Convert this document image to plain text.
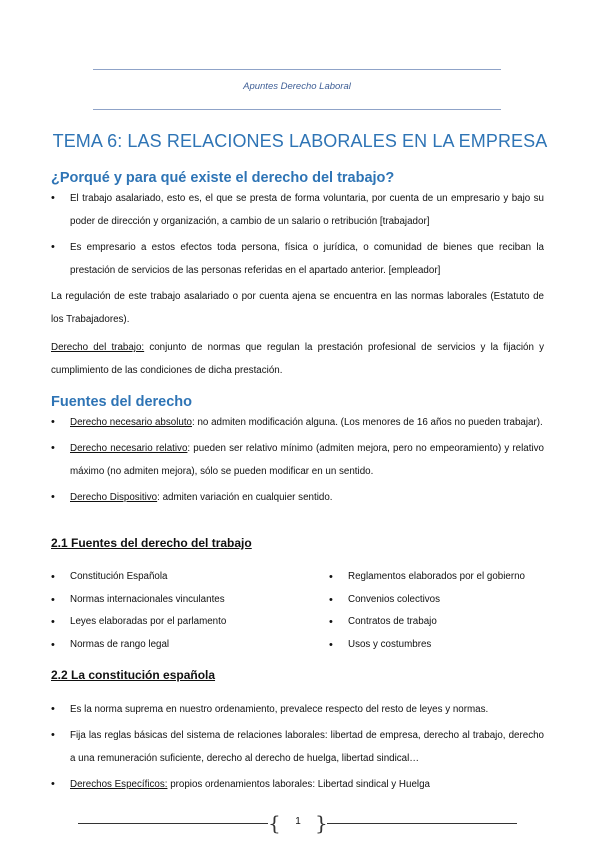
Apuntes Derecho Laboral
TEMA 6: LAS RELACIONES LABORALES EN LA EMPRESA
¿Porqué y para qué existe el derecho del trabajo?
• El trabajo asalariado, esto es, el que se presta de forma voluntaria, por cuenta de un empresario y bajo su poder de dirección y organización, a cambio de un salario o retribución [trabajador]
• Es empresario a estos efectos toda persona, física o jurídica, o comunidad de bienes que reciban la prestación de servicios de las personas referidas en el apartado anterior. [empleador]

La regulación de este trabajo asalariado o por cuenta ajena se encuentra en las normas laborales (Estatuto de los Trabajadores).

Derecho del trabajo: conjunto de normas que regulan la prestación profesional de servicios y la fijación y cumplimiento de las condiciones de dicha prestación.

Fuentes del derecho
• Derecho necesario absoluto: no admiten modificación alguna. (Los menores de 16 años no pueden trabajar).
• Derecho necesario relativo: pueden ser relativo mínimo (admiten mejora, pero no empeoramiento) y relativo máximo (no admiten mejora), sólo se pueden modificar en un sentido.
• Derecho Dispositivo: admiten variación en cualquier sentido.
2.1 Fuentes del derecho del trabajo
• Constitución Española
• Normas internacionales vinculantes
• Leyes elaboradas por el parlamento
• Normas de rango legal
• Reglamentos elaborados por el gobierno
• Convenios colectivos
• Contratos de trabajo
• Usos y costumbres
2.2 La constitución española
• Es la norma suprema en nuestro ordenamiento, prevalece respecto del resto de leyes y normas.
• Fija las reglas básicas del sistema de relaciones laborales: libertad de empresa, derecho al trabajo, derecho a una remuneración suficiente, derecho al derecho de huelga, libertad sindical…
• Derechos Específicos: propios ordenamientos laborales: Libertad sindical y Huelga
{	1 }
